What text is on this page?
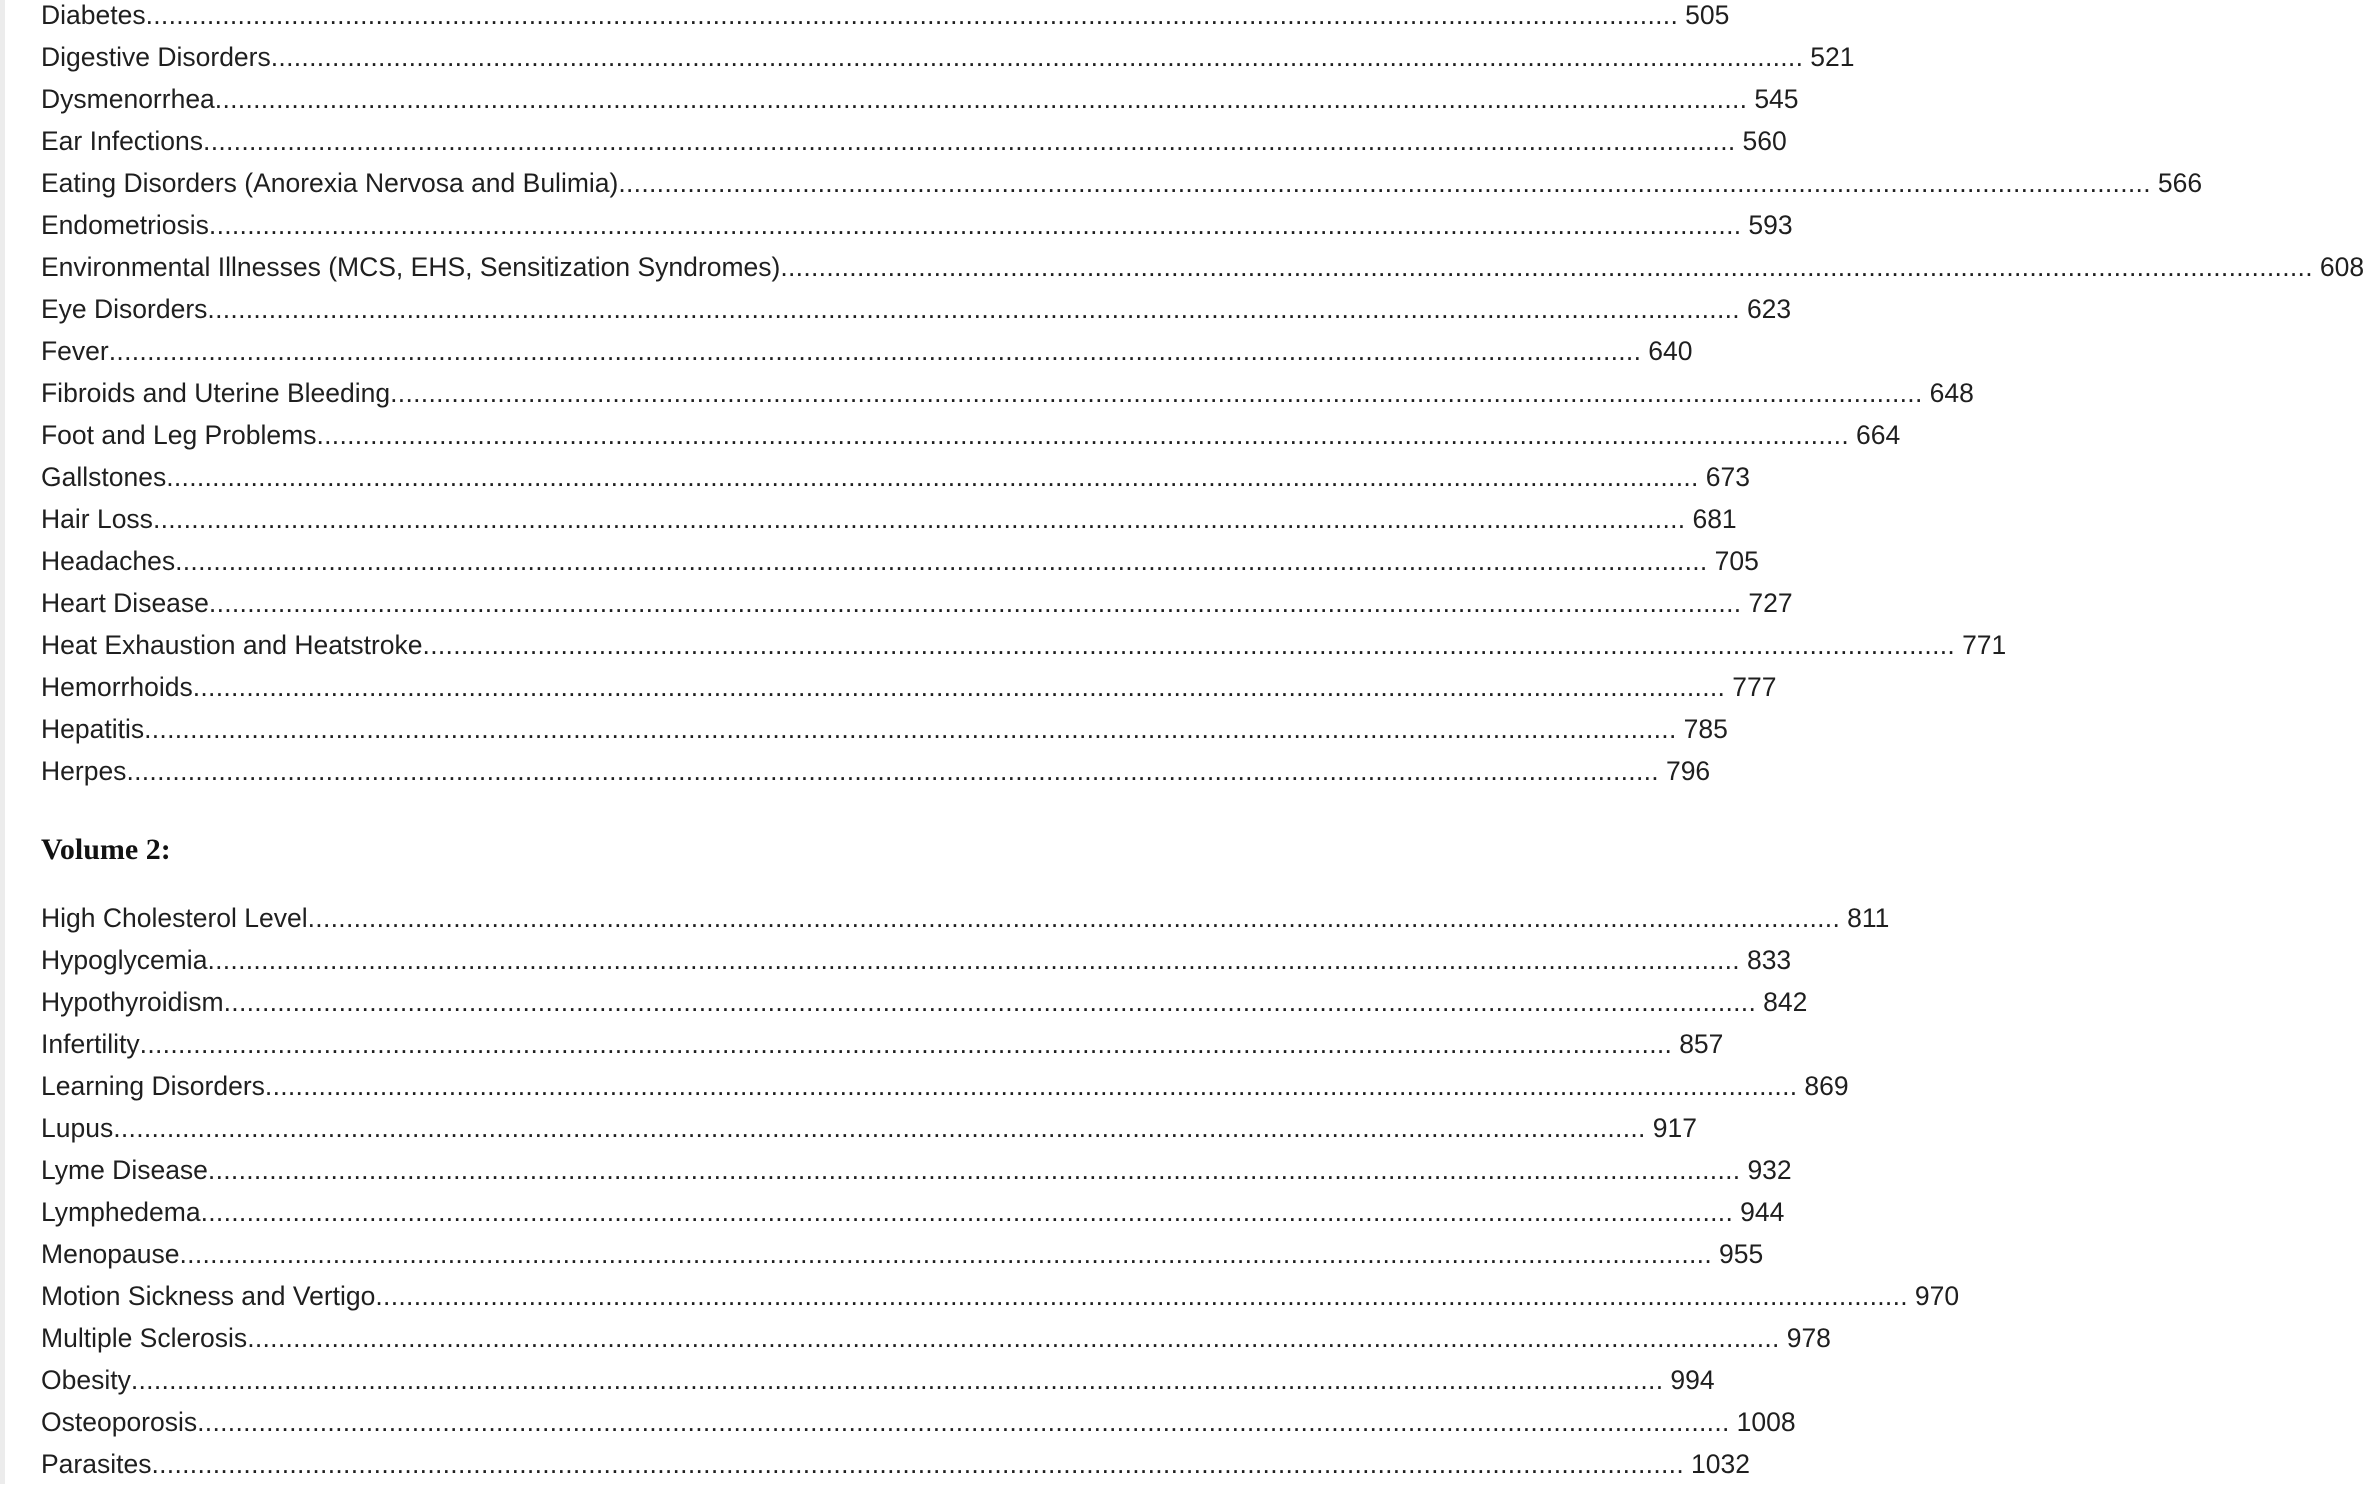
Diabetes ........................................................................................................................................................................................................ 505
Digestive Disorders ........................................................................................................................................................................................................ 521
Dysmenorrhea ........................................................................................................................................................................................................ 545
Ear Infections ........................................................................................................................................................................................................ 560
Eating Disorders (Anorexia Nervosa and Bulimia) ........................................................................................................................................................................................................ 566
Endometriosis ........................................................................................................................................................................................................ 593
Environmental Illnesses (MCS, EHS, Sensitization Syndromes) ........................................................................................................................................................................................................ 608
Eye Disorders ........................................................................................................................................................................................................ 623
Fever ........................................................................................................................................................................................................ 640
Fibroids and Uterine Bleeding ........................................................................................................................................................................................................ 648
Foot and Leg Problems ........................................................................................................................................................................................................ 664
Gallstones ........................................................................................................................................................................................................ 673
Hair Loss ........................................................................................................................................................................................................ 681
Headaches ........................................................................................................................................................................................................ 705
Heart Disease ........................................................................................................................................................................................................ 727
Heat Exhaustion and Heatstroke ........................................................................................................................................................................................................ 771
Hemorrhoids ........................................................................................................................................................................................................ 777
Hepatitis ........................................................................................................................................................................................................ 785
Herpes ........................................................................................................................................................................................................ 796
Volume 2:
High Cholesterol Level ........................................................................................................................................................................................................ 811
Hypoglycemia ........................................................................................................................................................................................................ 833
Hypothyroidism ........................................................................................................................................................................................................ 842
Infertility ........................................................................................................................................................................................................ 857
Learning Disorders ........................................................................................................................................................................................................ 869
Lupus ........................................................................................................................................................................................................ 917
Lyme Disease ........................................................................................................................................................................................................ 932
Lymphedema ........................................................................................................................................................................................................ 944
Menopause ........................................................................................................................................................................................................ 955
Motion Sickness and Vertigo ........................................................................................................................................................................................................ 970
Multiple Sclerosis ........................................................................................................................................................................................................ 978
Obesity ........................................................................................................................................................................................................ 994
Osteoporosis ........................................................................................................................................................................................................ 1008
Parasites ........................................................................................................................................................................................................ 1032
